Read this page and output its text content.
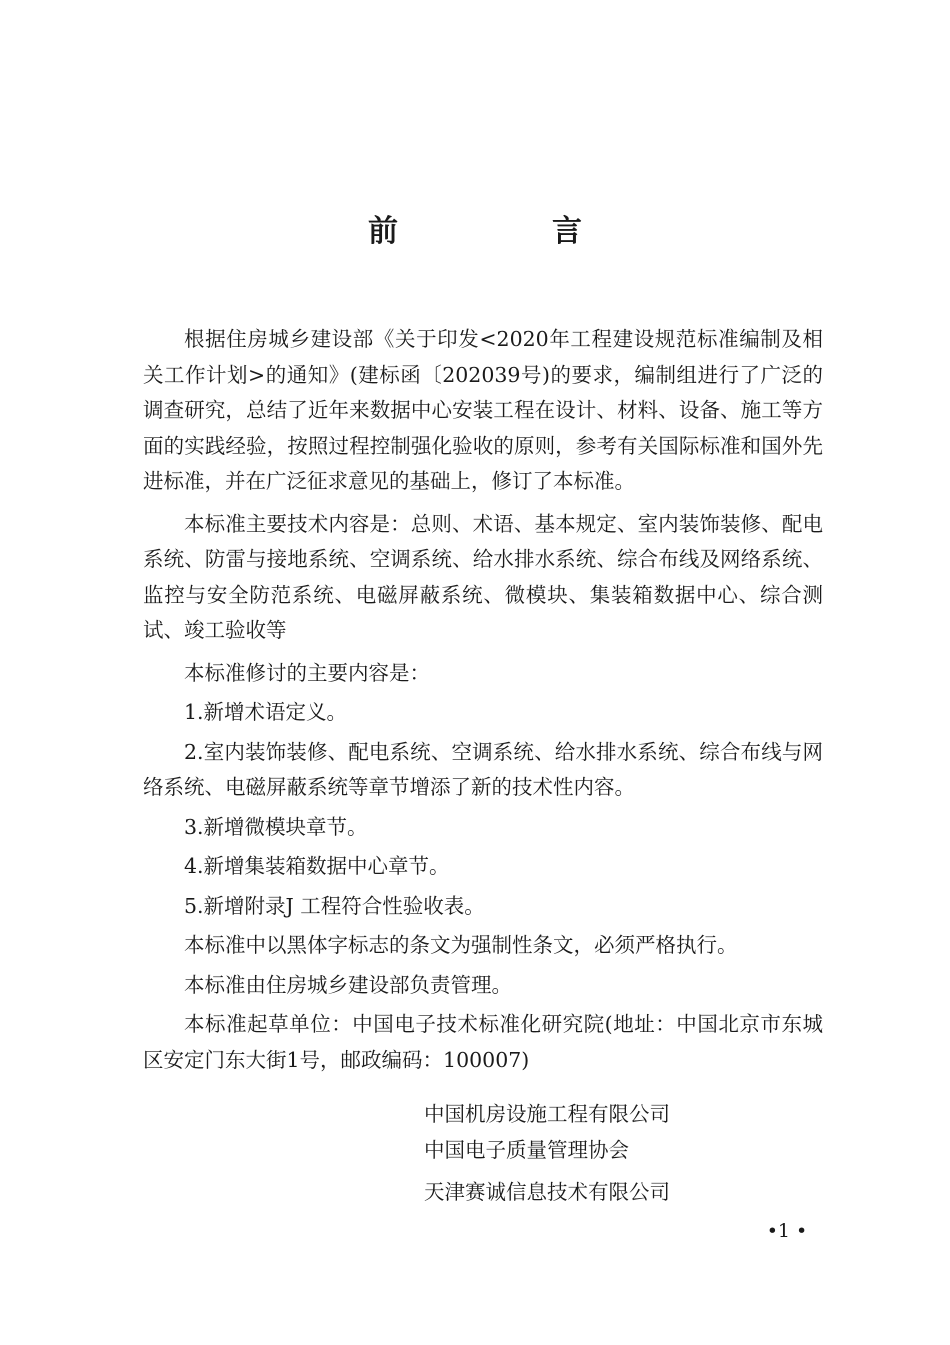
前　言

根据住房城乡建设部《关于印发<2020年工程建设规范标准编制及相关工作计划>的通知》(建标函〔202039号)的要求，编制组进行了广泛的调查研究，总结了近年来数据中心安装工程在设计、材料、设备、施工等方面的实践经验，按照过程控制强化验收的原则，参考有关国际标准和国外先进标准，并在广泛征求意见的基础上，修订了本标准。

本标准主要技术内容是：总则、术语、基本规定、室内装饰装修、配电系统、防雷与接地系统、空调系统、给水排水系统、综合布线及网络系统、监控与安全防范系统、电磁屏蔽系统、微模块、集装箱数据中心、综合测试、竣工验收等

本标准修讨的主要内容是：

1.新增术语定义。

2.室内装饰装修、配电系统、空调系统、给水排水系统、综合布线与网络系统、电磁屏蔽系统等章节增添了新的技术性内容。

3.新增微模块章节。

4.新增集装箱数据中心章节。

5.新增附录J 工程符合性验收表。

本标准中以黑体字标志的条文为强制性条文，必须严格执行。

本标准由住房城乡建设部负责管理。

本标准起草单位：中国电子技术标准化研究院(地址：中国北京市东城区安定门东大街1号，邮政编码：100007)

中国机房设施工程有限公司
中国电子质量管理协会
天津赛诚信息技术有限公司
•1 •
